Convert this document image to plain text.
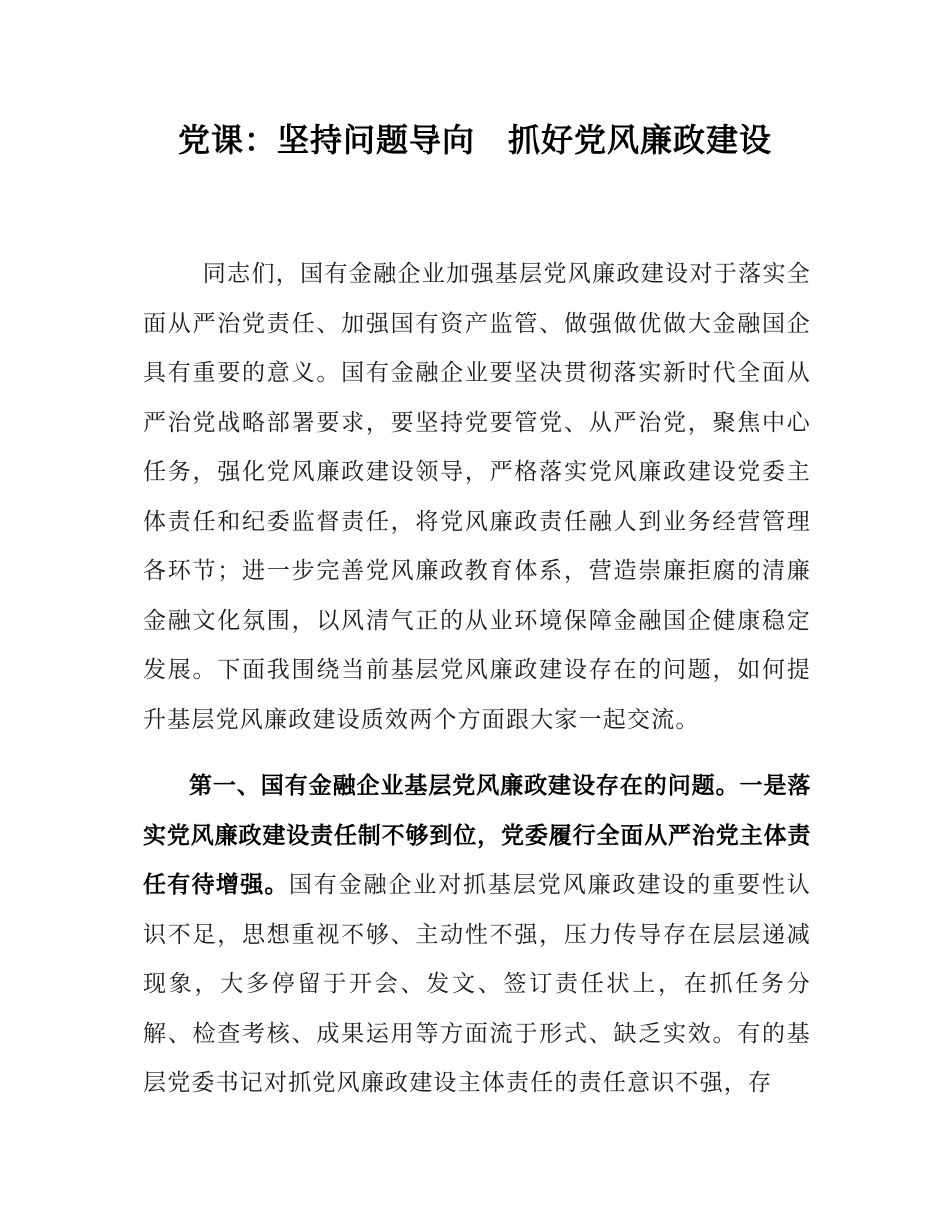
党课：坚持问题导向　抓好党风廉政建设

同志们，国有金融企业加强基层党风廉政建设对于落实全面从严治党责任、加强国有资产监管、做强做优做大金融国企具有重要的意义。国有金融企业要坚决贯彻落实新时代全面从严治党战略部署要求，要坚持党要管党、从严治党，聚焦中心任务，强化党风廉政建设领导，严格落实党风廉政建设党委主体责任和纪委监督责任，将党风廉政责任融人到业务经营管理各环节；进一步完善党风廉政教育体系，营造崇廉拒腐的清廉金融文化氛围，以风清气正的从业环境保障金融国企健康稳定发展。下面我围绕当前基层党风廉政建设存在的问题，如何提升基层党风廉政建设质效两个方面跟大家一起交流。

第一、国有金融企业基层党风廉政建设存在的问题。一是落实党风廉政建设责任制不够到位，党委履行全面从严治党主体责任有待增强。国有金融企业对抓基层党风廉政建设的重要性认识不足，思想重视不够、主动性不强，压力传导存在层层递减现象，大多停留于开会、发文、签订责任状上，在抓任务分解、检查考核、成果运用等方面流于形式、缺乏实效。有的基层党委书记对抓党风廉政建设主体责任的责任意识不强，存
